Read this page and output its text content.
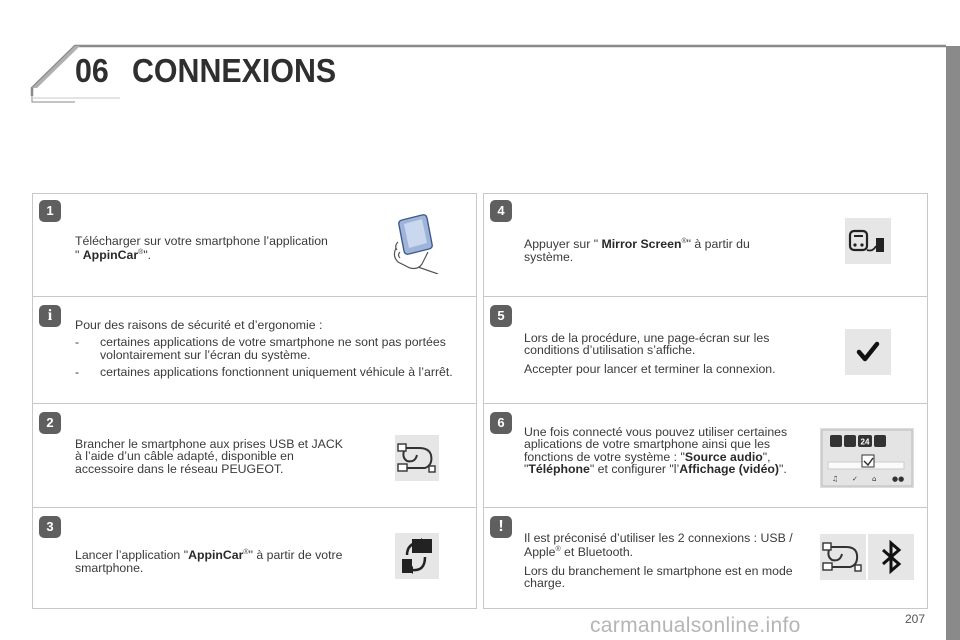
06 CONNEXIONS
1
Télécharger sur votre smartphone l’application
" AppinCar®".
i

Pour des raisons de sécurité et d’ergonomie :

- certaines applications de votre smartphone ne sont pas portées volontairement sur l’écran du système.
- certaines applications fonctionnent uniquement véhicule à l’arrêt.
2
Brancher le smartphone aux prises USB et JACK à l’aide d’un câble adapté, disponible en accessoire dans le réseau PEUGEOT.
3
Lancer l’application "AppinCar®" à partir de votre smartphone.
4
Appuyer sur " Mirror Screen®" à partir du système.
5

Lors de la procédure, une page-écran sur les conditions d’utilisation s’affiche.

Accepter pour lancer et terminer la connexion.

6
Une fois connecté vous pouvez utiliser certaines aplications de votre smartphone ainsi que les fonctions de votre système : "Source audio", "Téléphone" et configurer "l’Affichage (vidéo)".
24
♫ ✓ ⌂ ●●
!

Il est préconisé d’utiliser les 2 connexions : USB / Apple® et Bluetooth.

Lors du branchement le smartphone est en mode charge.

carmanualsonline.info	207
